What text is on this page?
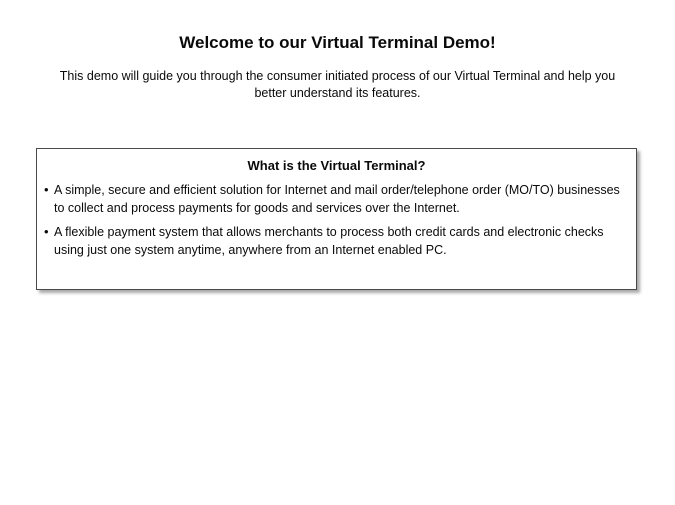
Welcome to our Virtual Terminal Demo!

This demo will guide you through the consumer initiated process of our Virtual Terminal and help you better understand its features.

What is the Virtual Terminal?
• A simple, secure and efficient solution for Internet and mail order/telephone order (MO/TO) businesses to collect and process payments for goods and services over the Internet.
• A flexible payment system that allows merchants to process both credit cards and electronic checks using just one system anytime, anywhere from an Internet enabled PC.
